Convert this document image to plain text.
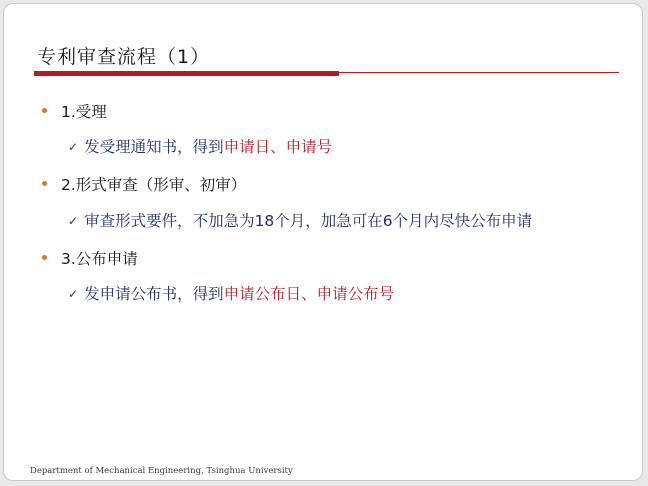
专利审查流程（1）
1.受理
✓ 发受理通知书，得到申请日、申请号
2.形式审查（形审、初审）
✓ 审查形式要件，不加急为18个月，加急可在6个月内尽快公布申请
3.公布申请
✓ 发申请公布书，得到申请公布日、申请公布号
Department of Mechanical Engineering, Tsinghua University
